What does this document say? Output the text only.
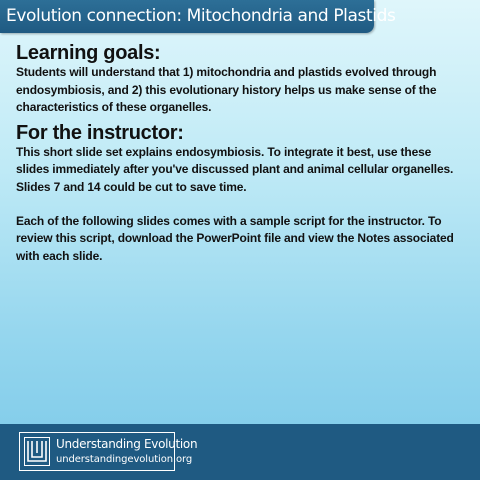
Evolution connection: Mitochondria and Plastids
Learning goals:

Students will understand that 1) mitochondria and plastids evolved through endosymbiosis, and 2) this evolutionary history helps us make sense of the characteristics of these organelles.

For the instructor:

This short slide set explains endosymbiosis. To integrate it best, use these slides immediately after you've discussed plant and animal cellular organelles. Slides 7 and 14 could be cut to save time.

Each of the following slides comes with a sample script for the instructor. To review this script, download the PowerPoint file and view the Notes associated with each slide.

Understanding Evolution
understandingevolution.org
